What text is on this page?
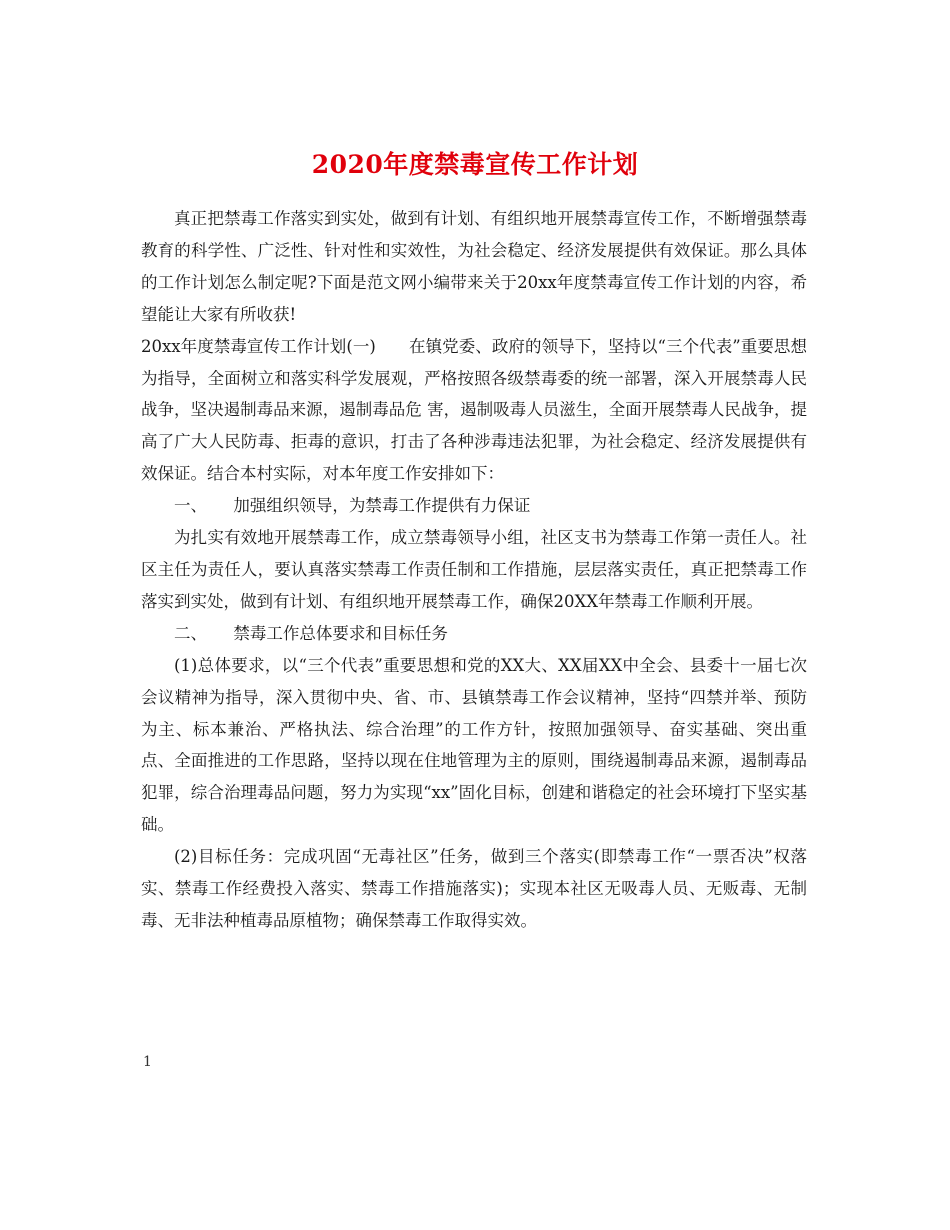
2020年度禁毒宣传工作计划

真正把禁毒工作落实到实处，做到有计划、有组织地开展禁毒宣传工作，不断增强禁毒教育的科学性、广泛性、针对性和实效性，为社会稳定、经济发展提供有效保证。那么具体的工作计划怎么制定呢?下面是范文网小编带来关于20xx年度禁毒宣传工作计划的内容，希望能让大家有所收获!

20xx年度禁毒宣传工作计划(一)　　在镇党委、政府的领导下，坚持以“三个代表”重要思想为指导，全面树立和落实科学发展观，严格按照各级禁毒委的统一部署，深入开展禁毒人民战争，坚决遏制毒品来源，遏制毒品危 害，遏制吸毒人员滋生，全面开展禁毒人民战争，提高了广大人民防毒、拒毒的意识，打击了各种涉毒违法犯罪，为社会稳定、经济发展提供有效保证。结合本村实际，对本年度工作安排如下：

一、 加强组织领导，为禁毒工作提供有力保证

为扎实有效地开展禁毒工作，成立禁毒领导小组，社区支书为禁毒工作第一责任人。社区主任为责任人，要认真落实禁毒工作责任制和工作措施，层层落实责任，真正把禁毒工作落实到实处，做到有计划、有组织地开展禁毒工作，确保20XX年禁毒工作顺利开展。

二、 禁毒工作总体要求和目标任务

(1)总体要求，以“三个代表”重要思想和党的XX大、XX届XX中全会、县委十一届七次会议精神为指导，深入贯彻中央、省、市、县镇禁毒工作会议精神，坚持“四禁并举、预防为主、标本兼治、严格执法、综合治理”的工作方针，按照加强领导、奋实基础、突出重点、全面推进的工作思路，坚持以现在住地管理为主的原则，围绕遏制毒品来源，遏制毒品犯罪，综合治理毒品问题，努力为实现“xx”固化目标，创建和谐稳定的社会环境打下坚实基础。

(2)目标任务：完成巩固“无毒社区”任务，做到三个落实(即禁毒工作“一票否决”权落实、禁毒工作经费投入落实、禁毒工作措施落实)；实现本社区无吸毒人员、无贩毒、无制毒、无非法种植毒品原植物；确保禁毒工作取得实效。

1
